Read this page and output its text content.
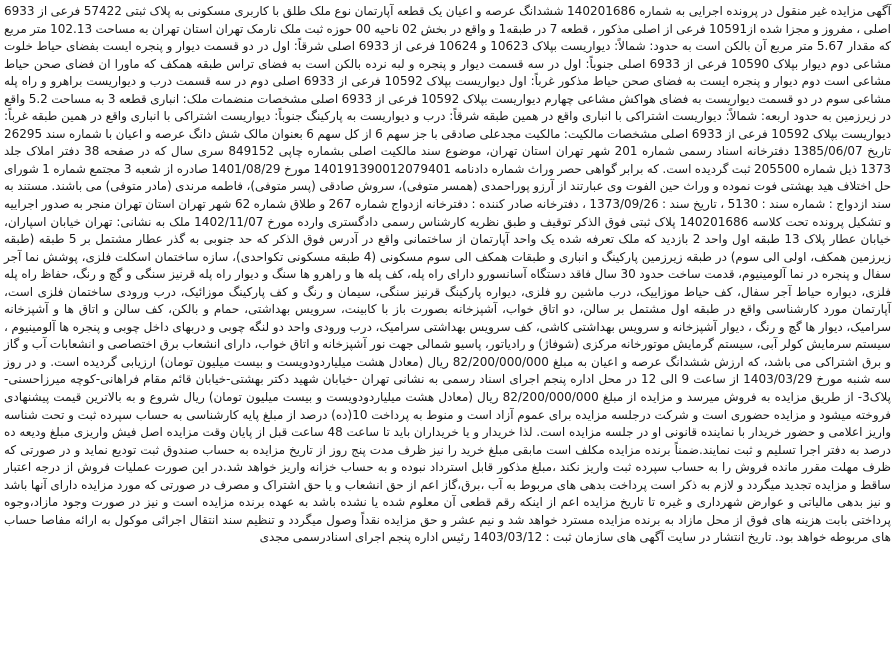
آگهی مزایده غیر منقول در پرونده اجرایی به شماره 140201686 ششدانگ عرصه و اعیان یک قطعه آپارتمان نوع ملک طلق با کاربری مسکونی به پلاک ثبتی 57422 فرعی از 6933 اصلی ، مفروز و مجزا شده از10591 فرعی از اصلی مذکور ، قطعه 7 در طبقه1 و واقع در بخش 02 ناحیه 00 حوزه ثبت ملک نارمک تهران استان تهران به مساحت 102.13 متر مربع که مقدار 5.67 متر مربع آن بالکن است به حدود: شمالاً: دیواریست بپلاک 10623 و 10624 فرعی از 6933 اصلی شرقاً: اول در دو قسمت دیوار و پنجره ایست بفضای حیاط خلوت مشاعی دوم دیوار بپلاک 10590 فرعی از 6933 اصلی جنوباً: اول در سه قسمت دیوار و پنجره و لبه نرده بالکن است به فضای تراس طبقه همکف که ماورا ان فضای صحن حیاط مشاعی است دوم دیوار و پنجره ایست به فضای صحن حیاط مذکور غرباً: اول دیواریست بپلاک 10592 فرعی از 6933 اصلی دوم در سه قسمت درب و دیواریست براهرو و راه پله مشاعی سوم در دو قسمت دیواریست به فضای هواکش مشاعی چهارم دیواریست بپلاک 10592 فرعی از 6933 اصلی مشخصات منضمات ملک: انباری قطعه 3 به مساحت 5.2 واقع در زیرزمین به حدود اربعه: شمالاً: دیواریست اشتراکی با انباری واقع در همین طبقه شرقاً: درب و دیواریست به پارکینگ جنوباً: دیواریست اشتراکی با انباری واقع در همین طبقه غرباً: دیواریست بپلاک 10592 فرعی از 6933 اصلی مشخصات مالکیت: مالکیت مجدعلی صادقی با جز سهم 6 از کل سهم 6 بعنوان مالک شش دانگ عرصه و اعیان با شماره سند 26295 تاریخ 1385/06/07 دفترخانه اسناد رسمی شماره 201 شهر تهران استان تهران، موضوع سند مالکیت اصلی بشماره چاپی 849152 سری سال که در صفحه 38 دفتر املاک جلد 1373 ذیل شماره 205500 ثبت گردیده است. که برابر گواهی حصر وراث شماره دادنامه 140191390012079401 مورخ 1401/08/29 صادره از شعبه 3 مجتمع شماره 1 شورای حل اختلاف هید بهشتی فوت نموده و وراث حین الفوت وی عبارتند از آرزو پوراحمدی (همسر متوفی)، سروش صادقی (پسر متوفی)، فاطمه مرندی (مادر متوفی) می باشند. مستند به سند ازدواج : شماره سند : 5130 ، تاریخ سند : 1373/09/26 ، دفترخانه صادر کننده : دفترخانه ازدواج شماره 267 و طلاق شماره 62 شهر تهران استان تهران منجر به صدور اجراییه و تشکیل پرونده تحت کلاسه 140201686 پلاک ثبتی فوق الذکر توقیف و طبق نظریه کارشناس رسمی دادگستری وارده مورخ 1402/11/07 ملک به نشانی: تهران خیابان اسپاران، خیابان عطار پلاک 13 طبقه اول واحد 2 بازدید که ملک تعرفه شده یک واحد آپارتمان از ساختمانی واقع در آدرس فوق الذکر که حد جنوبی به گذر عطار مشتمل بر 5 طبقه (طبقه زیرزمین همکف، اولی الی سوم) در طبقه زیرزمین پارکینگ و انباری و طبقات همکف الی سوم مسکونی (4 طبقه مسکونی تکواحدی)، سازه ساختمان اسکلت فلزی، پوشش نما آجر سفال و پنجره در نما آلومینیوم، قدمت ساخت حدود 30 سال فاقد دستگاه آسانسورو دارای راه پله، کف پله ها و راهرو ها سنگ و دیوار راه پله قرنیز سنگی و گچ و رنگ، حفاظ راه پله فلزی، دیواره حیاط آجر سفال، کف حیاط موزاییک، درب ماشین رو فلزی، دیواره پارکینگ قرنیز سنگی، سیمان و رنگ و کف پارکینگ موزائیک، درب ورودی ساختمان فلزی است، آپارتمان مورد کارشناسی واقع در طبقه اول مشتمل بر سالن، دو اتاق خواب، آشپزخانه بصورت باز با کابینت، سرویس بهداشتی، حمام و بالکن، کف سالن و اتاق ها و آشپزخانه سرامیک، دیوار ها گچ و رنگ ، دیوار آشپزخانه و سرویس بهداشتی کاشی، کف سرویس بهداشتی سرامیک، درب ورودی واحد دو لنگه چوبی و دربهای داخل چوبی و پنجره ها آلومینیوم ، سیستم سرمایش کولر آبی، سیستم گرمایش موتورخانه مرکزی (شوفاژ) و رادیاتور، پاسیو شمالی جهت نور آشپزخانه و اتاق خواب، دارای انشعاب برق اختصاصی و انشعابات آب و گاز و برق اشتراکی می باشد، که ارزش ششدانگ عرصه و اعیان به مبلغ 82/200/000/000 ریال (معادل هشت میلیاردودویست و بیست میلیون تومان) ارزیابی گردیده است. و در روز سه شنبه مورخ 1403/03/29 از ساعت 9 الی 12 در محل اداره پنجم اجرای اسناد رسمی به نشانی تهران -خیابان شهید دکتر بهشتی-خیابان قائم مقام فراهانی-کوچه میرزاحسنی-پلاک3- از طریق مزایده به فروش میرسد و مزایده از مبلغ 82/200/000/000 ریال (معادل هشت میلیاردودویست و بیست میلیون تومان) ریال شروع و به بالاترین قیمت پیشنهادی فروخته میشود و مزایده حضوری است و شرکت درجلسه مزایده برای عموم آزاد است و منوط به پرداخت 10(ده) درصد از مبلغ پایه کارشناسی به حساب سپرده ثبت و تحت شناسه واریز اعلامی و حضور خریدار با نماینده قانونی او در جلسه مزایده است. لذا خریدار و یا خریداران باید تا ساعت 48 ساعت قبل از پایان وقت مزایده اصل فیش واریزی مبلغ ودیعه ده درصد به دفتر اجرا تسلیم و ثبت نمایند.ضمناً برنده مزایده مکلف است مابقی مبلغ خرید را نیز ظرف مدت پنج روز از تاریخ مزایده به حساب صندوق ثبت تودیع نماید و در صورتی که ظرف مهلت مقرر مانده فروش را به حساب سپرده ثبت واریز نکند ،مبلغ مذکور قابل استرداد نبوده و به حساب خزانه واریز خواهد شد.در این صورت عملیات فروش از درجه اعتبار ساقط و مزایده تجدید میگردد و لازم به ذکر است پرداخت بدهی های مربوط به آب ،برق،گاز اعم از حق انشعاب و یا حق اشتراک و مصرف در صورتی که مورد مزایده دارای آنها باشد و نیز بدهی مالیاتی و عوارض شهرداری و غیره تا تاریخ مزایده اعم از اینکه رقم قطعی آن معلوم شده یا نشده باشد به عهده برنده مزایده است و نیز در صورت وجود مازاد،وجوه پرداختی بابت هزینه های فوق از محل مازاد به برنده مزایده مسترد خواهد شد و نیم عشر و حق مزایده نقداً وصول میگردد و تنظیم سند انتقال اجرائی موکول به ارائه مفاصا حساب های مربوطه خواهد بود. تاریخ انتشار در سایت آگهی های سازمان ثبت : 1403/03/12 رئیس اداره پنجم اجرای اسنادرسمی مجدی
